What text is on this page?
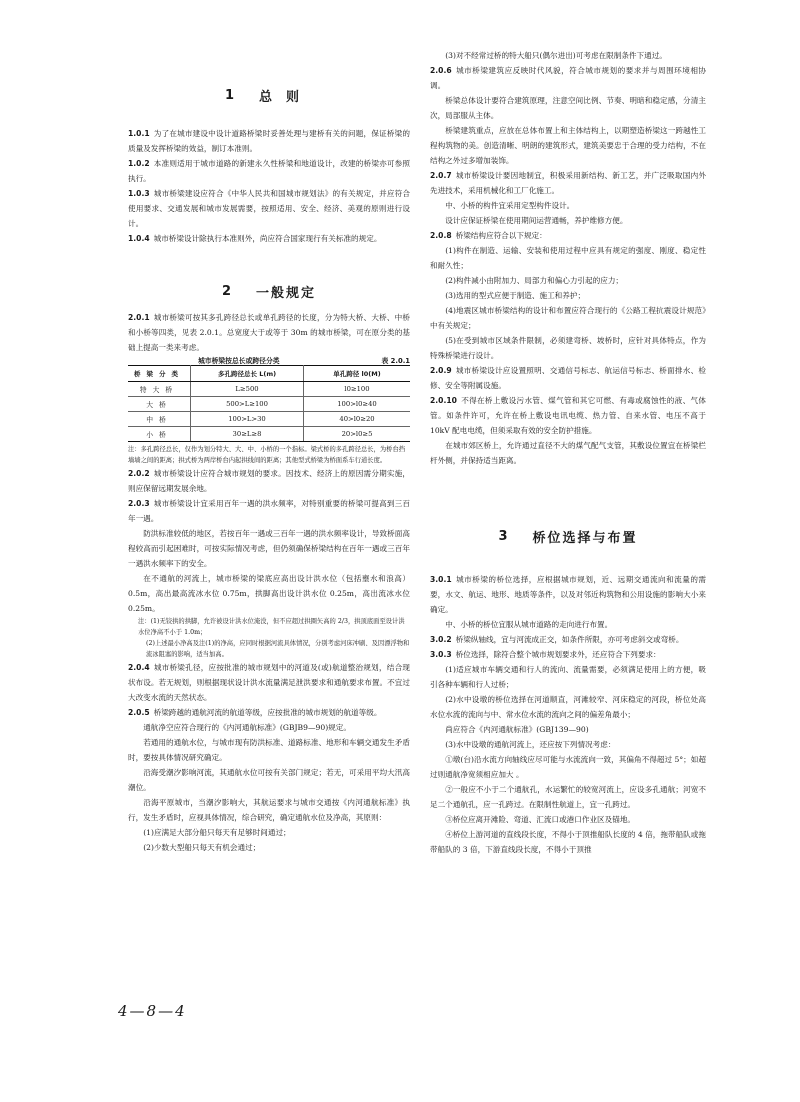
1 总则

1.0.1 为了在城市建设中设计道路桥梁时妥善处理与建桥有关的问题，保证桥梁的质量及发挥桥梁的效益，制订本准则。

1.0.2 本准则适用于城市道路的新建永久性桥梁和地道设计，改建的桥梁亦可参照执行。

1.0.3 城市桥梁建设应符合《中华人民共和国城市规划法》的有关规定，并应符合使用要求、交通发展和城市发展需要，按照适用、安全、经济、美观的原则进行设计。

1.0.4 城市桥梁设计除执行本准则外，尚应符合国家现行有关标准的规定。

2 一般规定

2.0.1 城市桥梁可按其多孔跨径总长或单孔跨径的长度，分为特大桥、大桥、中桥和小桥等四类，见表 2.0.1。总宽度大于或等于 30m 的城市桥梁，可在原分类的基础上提高一类来考虑。

城市桥梁按总长或跨径分类	表 2.0.1
桥梁分类	多孔跨径总长 L(m)	单孔跨径 l0(M)
特大桥	L≥500	l0≥100
大桥	500>L≥100	100>l0≥40
中桥	100>L>30	40>l0≥20
小桥	30≥L≥8	20>l0≥5

注：多孔跨径总长，仅作为划分特大、大、中、小桥的一个指标。梁式桥的多孔跨径总长，为桥台挡墙墙之间的距离；拱式桥为两岸桥台内起拱线间的距离；其他型式桥梁为桥面系车行道长度。

2.0.2 城市桥梁设计应符合城市规划的要求。因技术、经济上的原因需分期实施，则应保留远期发展余地。

2.0.3 城市桥梁设计宜采用百年一遇的洪水频率，对特别重要的桥梁可提高到三百年一遇。

防洪标准较低的地区，若按百年一遇或三百年一遇的洪水频率设计，导致桥面高程较高而引起困难时，可按实际情况考虑，但仍须确保桥梁结构在百年一遇或三百年一遇洪水频率下的安全。

在不通航的河流上，城市桥梁的梁底应高出设计洪水位（包括壅水和浪高）0.5m，高出最高流冰水位 0.75m，拱脚高出设计洪水位 0.25m，高出流冰水位 0.25m。

注：(1)无铰拱的拱脚，允许被设计洪水位淹没，但不应超过拱圈矢高的 2/3，拱顶底面至设计洪水位净高不小于 1.0m；

(2)上述最小净高及注(1)的净高，应同时根据河流具体情况，分别考虑河床冲刷、及因漂浮物和流冰阻塞的影响，适当加高。

2.0.4 城市桥梁孔径，应按批准的城市规划中的河道及(或)航道整治规划，结合现状布设。若无规划，则根据现状设计洪水流量满足泄洪要求和通航要求布置。不宜过大改变水流的天然状态。

2.0.5 桥梁跨越的通航河流的航道等级，应按批准的城市规划的航道等级。

通航净空应符合现行的《内河通航标准》(GBJB9—90)规定。

若通用的通航水位，与城市现有防洪标准、道路标准、地形和车辆交通发生矛盾时，要按具体情况研究确定。

沿海受潮汐影响河流，其通航水位可按有关部门规定；若无，可采用平均大汛高潮位。

沿海平原城市，当潮汐影响大，其航运要求与城市交通按《内河通航标准》执行，发生矛盾时，应视具体情况，综合研究，确定通航水位及净高，其原则：

(1)应满足大部分船只每天有足够时间通过；

(2)少数大型船只每天有机会通过；

(3)对不经常过桥的特大船只(偶尔进出)可考虑在限制条件下通过。

2.0.6 城市桥梁建筑应反映时代风貌，符合城市规划的要求并与周围环境相协调。

桥梁总体设计要符合建筑原理，注意空间比例、节奏、明暗和稳定感，分清主次，局部服从主体。

桥梁建筑重点，应放在总体布置上和主体结构上，以期塑造桥梁这一跨越性工程构筑物的美。创造清晰、明朗的建筑形式，建筑美要忠于合理的受力结构，不在结构之外过多增加装饰。

2.0.7 城市桥梁设计要因地制宜，积极采用新结构、新工艺，并广泛吸取国内外先进技术，采用机械化和工厂化施工。

中、小桥的构件宜采用定型构件设计。

设计应保证桥梁在使用期间运营通畅，养护维修方便。

2.0.8 桥梁结构应符合以下规定：

(1)构件在制造、运输、安装和使用过程中应具有规定的强度、刚度、稳定性和耐久性；

(2)构件减小由附加力、局部力和偏心力引起的应力；

(3)选用的型式应便于制造、施工和养护；

(4)地震区城市桥梁结构的设计和布置应符合现行的《公路工程抗震设计规范》中有关规定；

(5)在受到城市区域条件限制，必须建弯桥、坡桥时，应针对具体特点，作为特殊桥梁进行设计。

2.0.9 城市桥梁设计应设置照明、交通信号标志、航运信号标志、桥面排水、检修、安全等附属设施。

2.0.10 不得在桥上敷设污水管、煤气管和其它可燃、有毒或腐蚀性的液、气体管。如条件许可，允许在桥上敷设电讯电缆、热力管、自来水管、电压不高于 10kV 配电电缆，但须采取有效的安全防护措施。

在城市郊区桥上，允许通过直径不大的煤气配气支管，其敷设位置宜在桥梁栏杆外侧，并保持适当距离。

3 桥位选择与布置

3.0.1 城市桥梁的桥位选择，应根据城市规划，近、远期交通流向和流量的需要，水文、航运、地形、地质等条件，以及对邻近构筑物和公用设施的影响大小来确定。

中、小桥的桥位宜服从城市道路的走向进行布置。

3.0.2 桥梁纵轴线，宜与河流成正交，如条件所限，亦可考虑斜交或弯桥。

3.0.3 桥位选择，除符合整个城市规划要求外，还应符合下列要求：

(1)适应城市车辆交通和行人的流向、流量需要，必须满足使用上的方便，吸引各种车辆和行人过桥；

(2)水中设墩的桥位选择在河道顺直，河滩较窄、河床稳定的河段，桥位处高水位水流的流向与中、常水位水流的流向之间的偏差角最小；

尚应符合《内河通航标准》(GBJ139—90)

(3)水中设墩的通航河流上，还应按下列情况考虑：

①墩(台)沿水流方向轴线应尽可能与水流流向一致，其偏角不得超过 5°；如超过则通航净宽须相应加大 。

②一般应不小于二个通航孔，水运繁忙的较宽河流上，应设多孔通航；河宽不足二个通航孔，应一孔跨过。在限制性航道上，宜一孔跨过。

③桥位应离开滩险、弯道、汇流口或港口作业区及锚地。

④桥位上游河道的直线段长度，不得小于顶推船队长度的 4 倍，拖带船队或拖带船队的 3 倍，下游直线段长度，不得小于顶推

4—8—4
